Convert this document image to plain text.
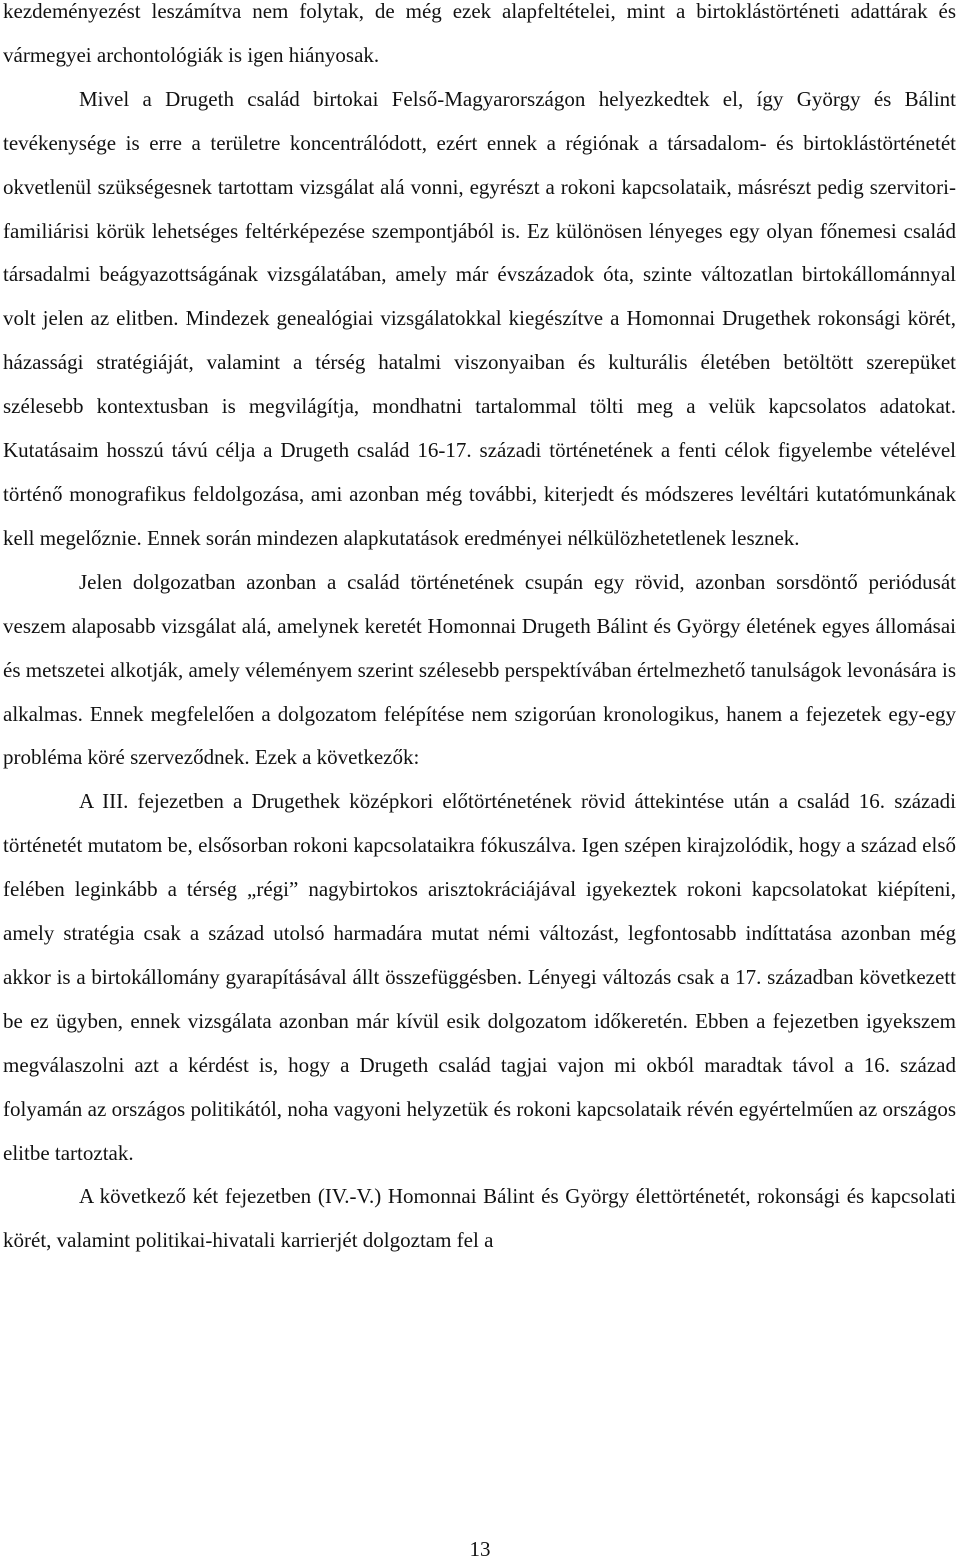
kezdeményezést leszámítva nem folytak, de még ezek alapfeltételei, mint a birtoklástörténeti adattárak és vármegyei archontológiák is igen hiányosak.

Mivel a Drugeth család birtokai Felső-Magyarországon helyezkedtek el, így György és Bálint tevékenysége is erre a területre koncentrálódott, ezért ennek a régiónak a társadalom- és birtoklástörténetét okvetlenül szükségesnek tartottam vizsgálat alá vonni, egyrészt a rokoni kapcsolataik, másrészt pedig szervitori-familiárisi körük lehetséges feltérképezése szempontjából is. Ez különösen lényeges egy olyan főnemesi család társadalmi beágyazottságának vizsgálatában, amely már évszázadok óta, szinte változatlan birtokállománnyal volt jelen az elitben. Mindezek genealógiai vizsgálatokkal kiegészítve a Homonnai Drugethek rokonsági körét, házassági stratégiáját, valamint a térség hatalmi viszonyaiban és kulturális életében betöltött szerepüket szélesebb kontextusban is megvilágítja, mondhatni tartalommal tölti meg a velük kapcsolatos adatokat. Kutatásaim hosszú távú célja a Drugeth család 16-17. századi történetének a fenti célok figyelembe vételével történő monografikus feldolgozása, ami azonban még további, kiterjedt és módszeres levéltári kutatómunkának kell megelőznie. Ennek során mindezen alapkutatások eredményei nélkülözhetetlenek lesznek.

Jelen dolgozatban azonban a család történetének csupán egy rövid, azonban sorsdöntő periódusát veszem alaposabb vizsgálat alá, amelynek keretét Homonnai Drugeth Bálint és György életének egyes állomásai és metszetei alkotják, amely véleményem szerint szélesebb perspektívában értelmezhető tanulságok levonására is alkalmas. Ennek megfelelően a dolgozatom felépítése nem szigorúan kronologikus, hanem a fejezetek egy-egy probléma köré szerveződnek. Ezek a következők:

A III. fejezetben a Drugethek középkori előtörténetének rövid áttekintése után a család 16. századi történetét mutatom be, elsősorban rokoni kapcsolataikra fókuszálva. Igen szépen kirajzolódik, hogy a század első felében leginkább a térség „régi” nagybirtokos arisztokráciájával igyekeztek rokoni kapcsolatokat kiépíteni, amely stratégia csak a század utolsó harmadára mutat némi változást, legfontosabb indíttatása azonban még akkor is a birtokállomány gyarapításával állt összefüggésben. Lényegi változás csak a 17. században következett be ez ügyben, ennek vizsgálata azonban már kívül esik dolgozatom időkeretén. Ebben a fejezetben igyekszem megválaszolni azt a kérdést is, hogy a Drugeth család tagjai vajon mi okból maradtak távol a 16. század folyamán az országos politikától, noha vagyoni helyzetük és rokoni kapcsolataik révén egyértelműen az országos elitbe tartoztak.

A következő két fejezetben (IV.-V.) Homonnai Bálint és György élettörténetét, rokonsági és kapcsolati körét, valamint politikai-hivatali karrierjét dolgoztam fel a

13
